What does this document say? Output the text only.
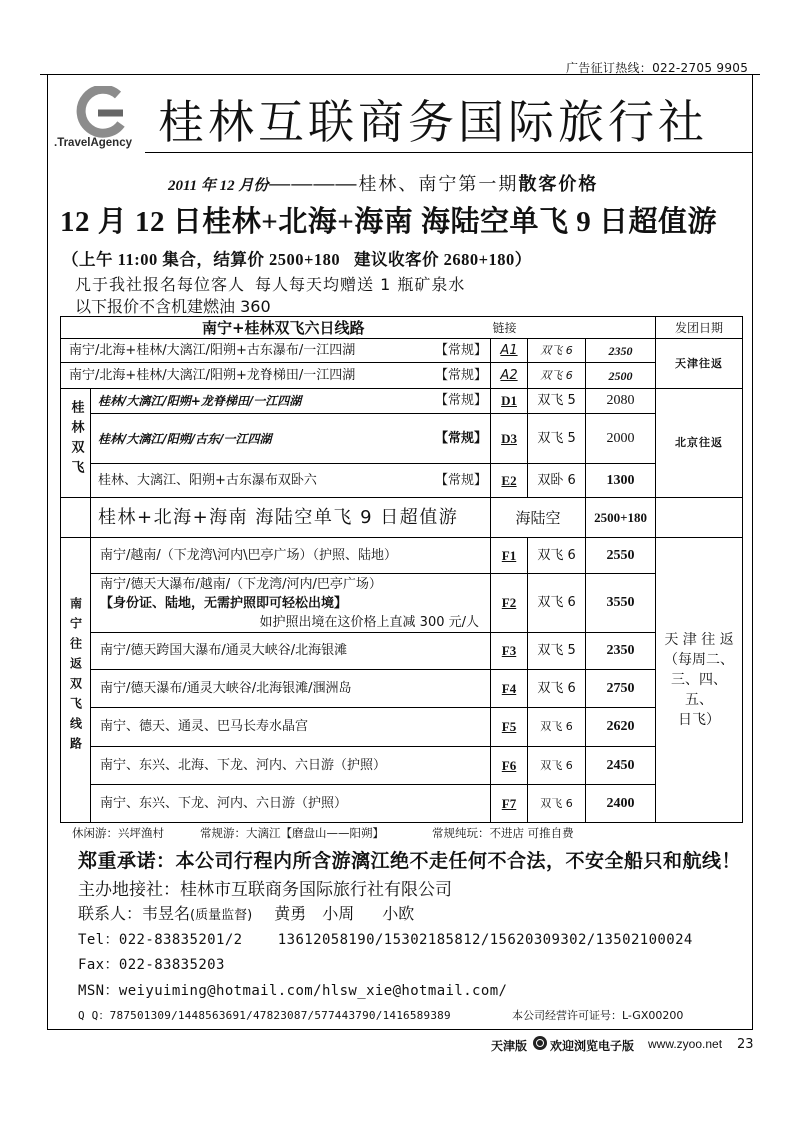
广告征订热线：022-2705 9905
.TravelAgency 桂林互联商务国际旅行社
2011 年 12 月份————桂林、南宁第一期散客价格
12 月 12 日桂林+北海+海南 海陆空单飞 9 日超值游
（上午 11:00 集合，结算价 2500+180   建议收客价 2680+180）
凡于我社报名每位客人 每人每天均赠送 1 瓶矿泉水
以下报价不含机建燃油 360
南宁+桂林双飞六日线路		链接			发团日期

南宁/北海+桂林/大漓江/阳朔+古东瀑布/一江四湖 【常规】		A1	双飞 6	2350	天津往返

南宁/北海+桂林/大漓江/阳朔+龙脊梯田/一江四湖 【常规】		A2	双飞 6	2500	
桂林双飞	桂林/大漓江/阳朔+龙脊梯田/一江四湖 【常规】	D1	双飞 5	2080	北京往返

	桂林/大漓江/阳朔/古东/一江四湖 【常规】	D3	双飞 5	2000	

	桂林、大漓江、阳朔+古东瀑布双卧六 【常规】	E2	双卧 6	1300	
	桂林+北海+海南 海陆空单飞 9 日超值游	海陆空		2500+180	
南宁往返双飞线路	南宁/越南/（下龙湾\河内\巴亭广场）（护照、陆地）	F1	双飞 6	2550	天 津 往 返
（每周二、
三、四、五、
日飞）

	南宁/德天大瀑布/越南/（下龙湾/河内/巴亭广场）
【身份证、陆地，无需护照即可轻松出境】
如护照出境在这价格上直减 300 元/人	F2	双飞 6	3550	
	南宁/德天跨国大瀑布/通灵大峡谷/北海银滩	F3	双飞 5	2350	
	南宁/德天瀑布/通灵大峡谷/北海银滩/涠洲岛	F4	双飞 6	2750	
	南宁、德天、通灵、巴马长寿水晶宫	F5	双飞 6	2620	
	南宁、东兴、北海、下龙、河内、六日游（护照）	F6	双飞 6	2450	
	南宁、东兴、下龙、河内、六日游（护照）	F7	双飞 6	2400	
休闲游：兴坪渔村	常规游：大漓江【磨盘山——阳朔】	常规纯玩：不进店 可推自费
郑重承诺：本公司行程内所含游漓江绝不走任何不合法，不安全船只和航线！
主办地接社：桂林市互联商务国际旅行社有限公司
联系人：韦昱名(质量监督) 黄勇 小周 小欧
Tel：022-83835201/2    13612058190/15302185812/15620309302/13502100024
Fax：022-83835203
MSN：weiyuiming@hotmail.com/hlsw_xie@hotmail.com/
Q Q：787501309/1448563691/47823087/577443790/1416589389	本公司经营许可证号：L-GX00200
天津版 欢迎浏览电子版 www.zyoo.net 23
